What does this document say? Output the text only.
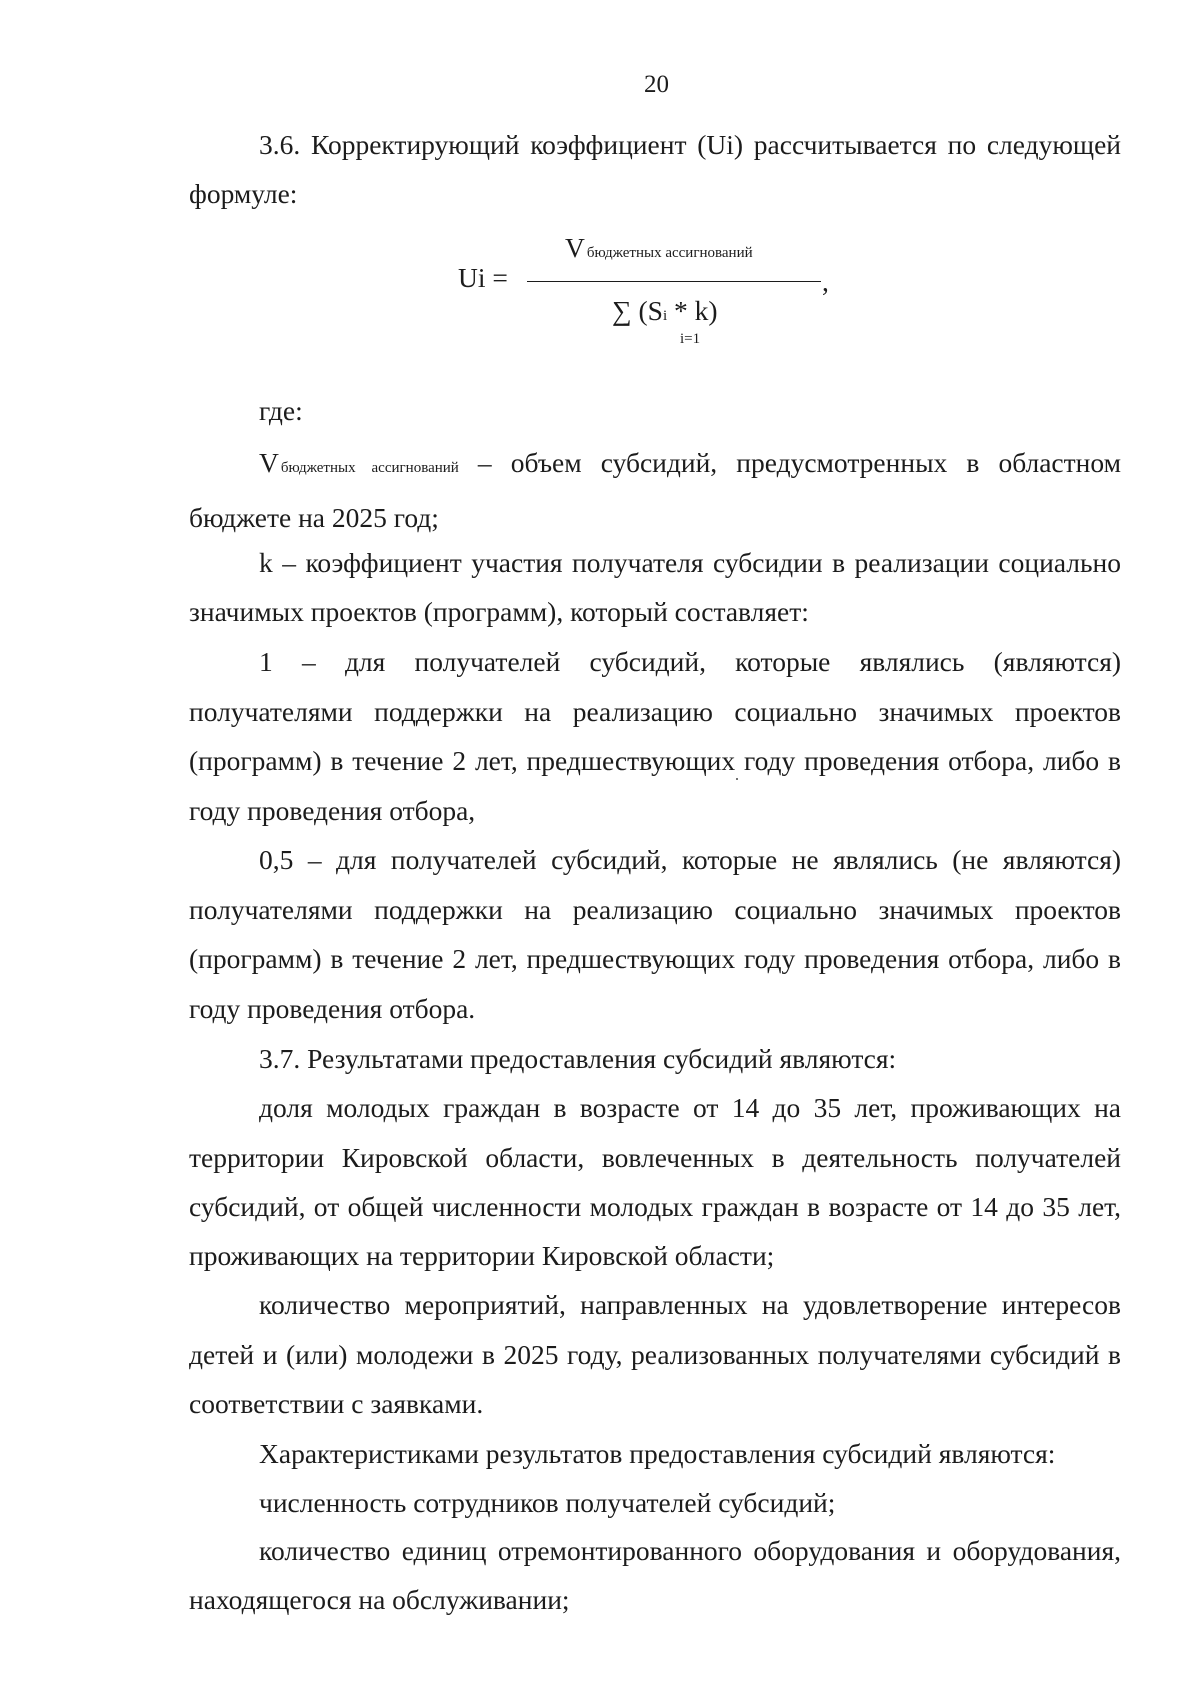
20

3.6. Корректирующий коэффициент (Ui) рассчитывается по следующей формуле:

Ui =
Vбюджетных ассигнований
,
∑ (Si * k)
i=1

где:

Vбюджетных ассигнований – объем субсидий, предусмотренных в областном бюджете на 2025 год;

k – коэффициент участия получателя субсидии в реализации социально значимых проектов (программ), который составляет:

1 – для получателей субсидий, которые являлись (являются) получателями поддержки на реализацию социально значимых проектов (программ) в течение 2 лет, предшествующих году проведения отбора, либо в году проведения отбора,

0,5 – для получателей субсидий, которые не являлись (не являются) получателями поддержки на реализацию социально значимых проектов (программ) в течение 2 лет, предшествующих году проведения отбора, либо в году проведения отбора.

3.7. Результатами предоставления субсидий являются:

доля молодых граждан в возрасте от 14 до 35 лет, проживающих на территории Кировской области, вовлеченных в деятельность получателей субсидий, от общей численности молодых граждан в возрасте от 14 до 35 лет, проживающих на территории Кировской области;

количество мероприятий, направленных на удовлетворение интересов детей и (или) молодежи в 2025 году, реализованных получателями субсидий в соответствии с заявками.

Характеристиками результатов предоставления субсидий являются:

численность сотрудников получателей субсидий;

количество единиц отремонтированного оборудования и оборудования, находящегося на обслуживании;
